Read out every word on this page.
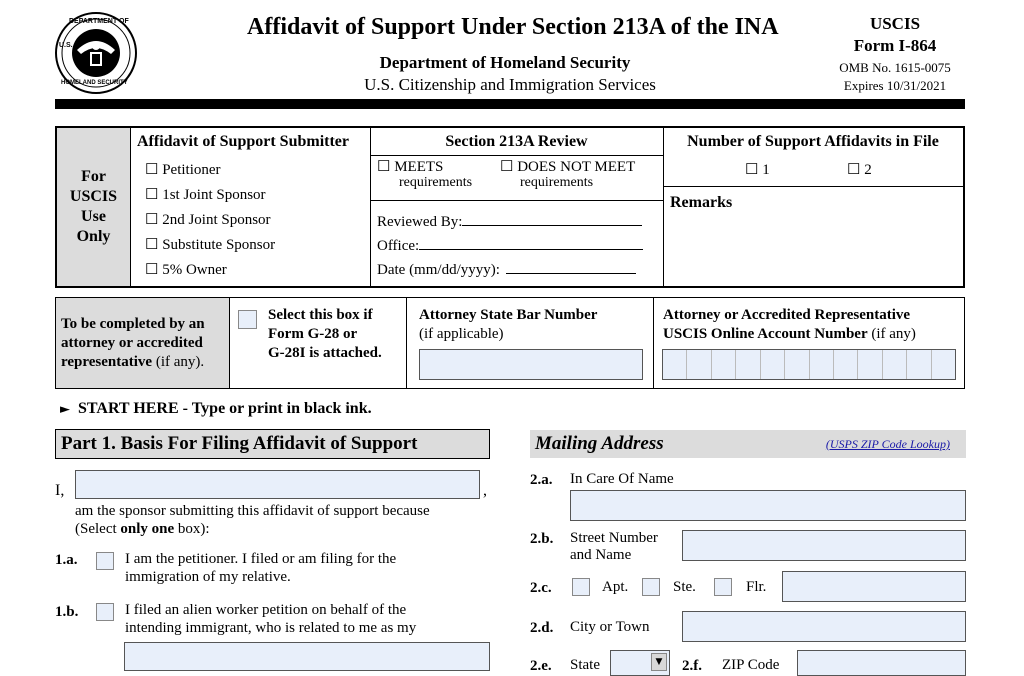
DEPARTMENT OF
U.S.
HOMELAND SECURITY
Affidavit of Support Under Section 213A of the INA
Department of Homeland Security
U.S. Citizenship and Immigration Services
USCIS
Form I-864
OMB No. 1615-0075
Expires 10/31/2021
For
USCIS
Use
Only
Affidavit of Support Submitter
☐ Petitioner
☐ 1st Joint Sponsor
☐ 2nd Joint Sponsor
☐ Substitute Sponsor
☐ 5% Owner
Section 213A Review
☐ MEETS
requirements
☐ DOES NOT MEET
requirements
Reviewed By:
Office:
Date (mm/dd/yyyy):
Number of Support Affidavits in File
☐ 1	☐ 2
Remarks
To be completed by an
attorney or accredited
representative (if any).
Select this box if
Form G-28 or
G-28I is attached.
Attorney State Bar Number
(if applicable)
Attorney or Accredited Representative
USCIS Online Account Number (if any)
► START HERE - Type or print in black ink.
Part 1. Basis For Filing Affidavit of Support
I,	,
am the sponsor submitting this affidavit of support because
(Select only one box):
1.a.	I am the petitioner. I filed or am filing for the
immigration of my relative.
1.b.	I filed an alien worker petition on behalf of the
intending immigrant, who is related to me as my
Mailing Address	(USPS ZIP Code Lookup)
2.a. In Care Of Name
2.b. Street Number
and Name
2.c.	Apt.	Ste.	Flr.
2.d. City or Town
2.e. State	▼	2.f. ZIP Code
